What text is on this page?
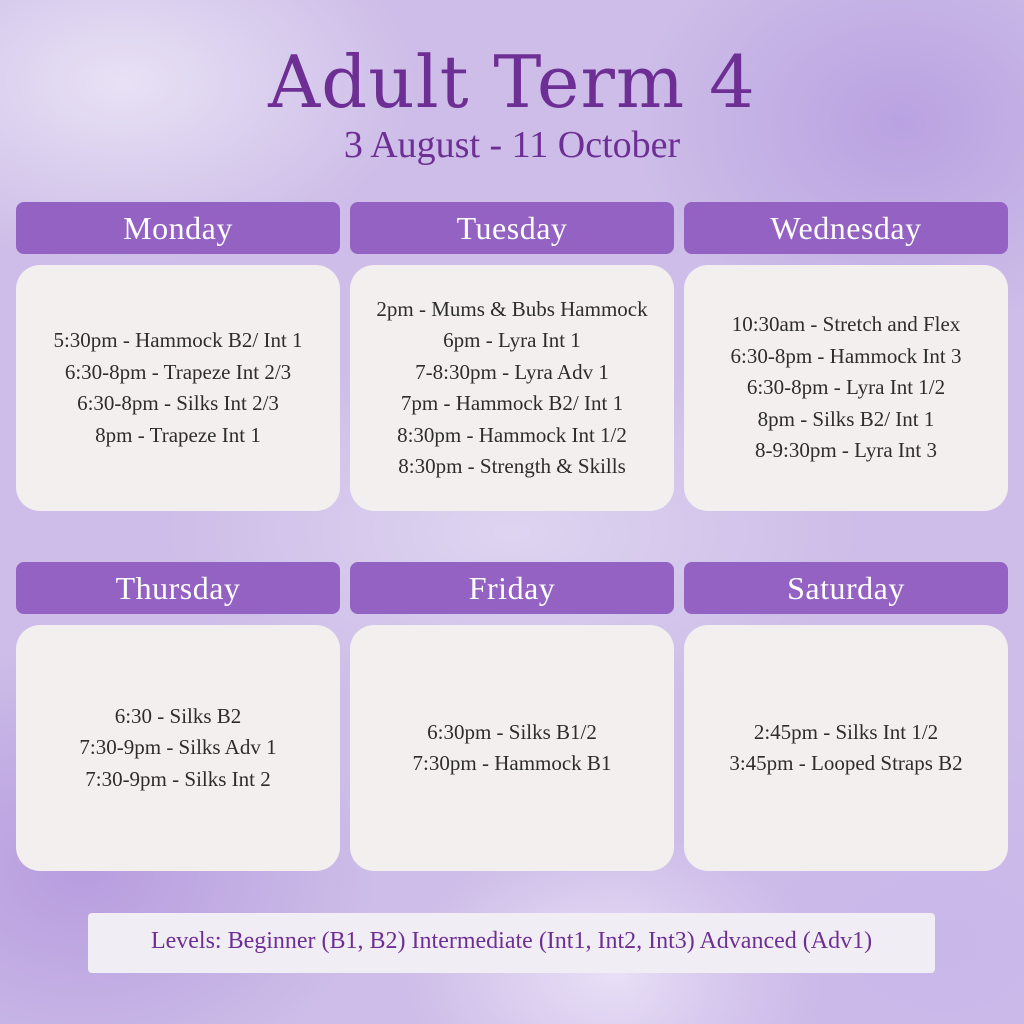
Adult Term 4
3 August - 11 October
Monday
5:30pm - Hammock B2/ Int 1
6:30-8pm - Trapeze Int 2/3
6:30-8pm - Silks Int 2/3
8pm - Trapeze Int 1
Tuesday
2pm - Mums & Bubs Hammock
6pm - Lyra Int 1
7-8:30pm - Lyra Adv 1
7pm - Hammock B2/ Int 1
8:30pm - Hammock Int 1/2
8:30pm - Strength & Skills
Wednesday
10:30am - Stretch and Flex
6:30-8pm - Hammock Int 3
6:30-8pm - Lyra Int 1/2
8pm - Silks B2/ Int 1
8-9:30pm - Lyra Int 3
Thursday
6:30 - Silks B2
7:30-9pm - Silks Adv 1
7:30-9pm - Silks Int 2
Friday
6:30pm - Silks B1/2
7:30pm - Hammock B1
Saturday
2:45pm - Silks Int 1/2
3:45pm - Looped Straps B2
Levels: Beginner (B1, B2) Intermediate (Int1, Int2, Int3) Advanced (Adv1)
